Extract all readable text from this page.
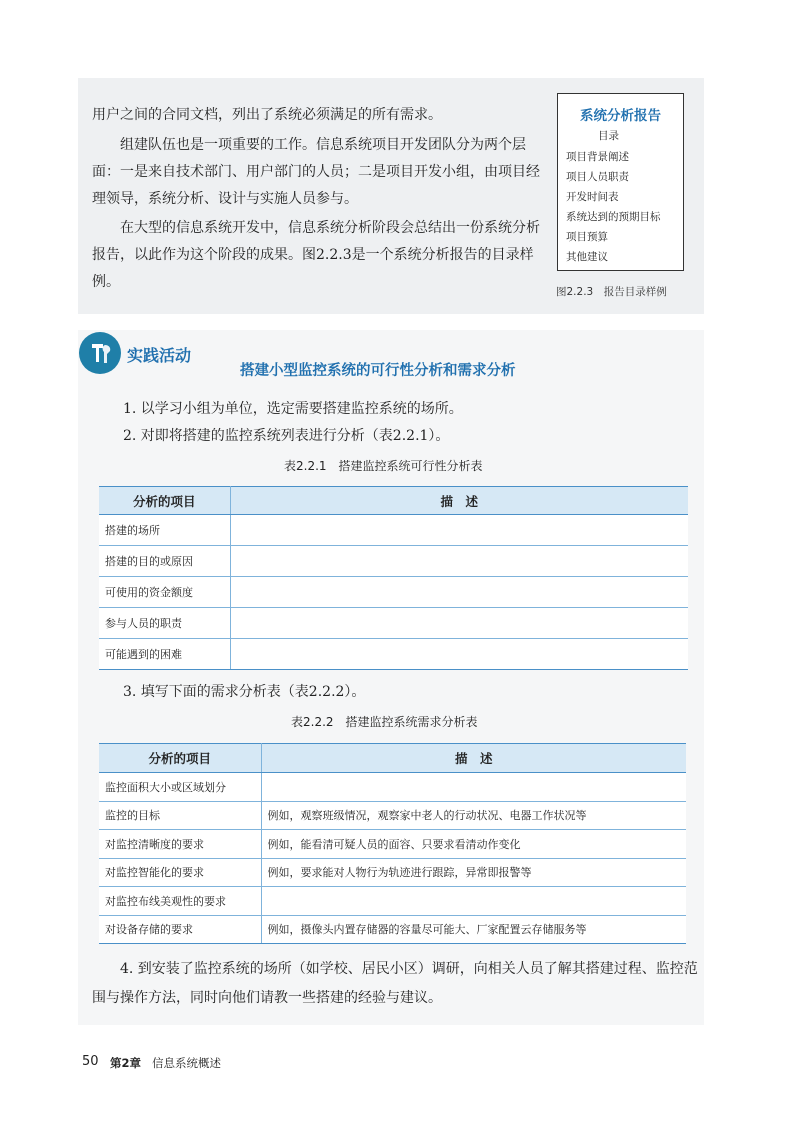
用户之间的合同文档，列出了系统必须满足的所有需求。

组建队伍也是一项重要的工作。信息系统项目开发团队分为两个层面：一是来自技术部门、用户部门的人员；二是项目开发小组，由项目经理领导，系统分析、设计与实施人员参与。

在大型的信息系统开发中，信息系统分析阶段会总结出一份系统分析报告，以此作为这个阶段的成果。图2.2.3是一个系统分析报告的目录样例。

系统分析报告
目录
项目背景阐述
项目人员职责
开发时间表
系统达到的预期目标
项目预算
其他建议
图2.2.3　报告目录样例
实践活动
搭建小型监控系统的可行性分析和需求分析
1. 以学习小组为单位，选定需要搭建监控系统的场所。
2. 对即将搭建的监控系统列表进行分析（表2.2.1）。
表2.2.1　搭建监控系统可行性分析表
分析的项目	描　述
搭建的场所	
搭建的目的或原因	
可使用的资金额度	
参与人员的职责	
可能遇到的困难	
3. 填写下面的需求分析表（表2.2.2）。
表2.2.2　搭建监控系统需求分析表
分析的项目	描　述
监控面积大小或区域划分	
监控的目标	例如，观察班级情况，观察家中老人的行动状况、电器工作状况等
对监控清晰度的要求	例如，能看清可疑人员的面容、只要求看清动作变化
对监控智能化的要求	例如，要求能对人物行为轨迹进行跟踪，异常即报警等
对监控布线美观性的要求	
对设备存储的要求	例如，摄像头内置存储器的容量尽可能大、厂家配置云存储服务等

4. 到安装了监控系统的场所（如学校、居民小区）调研，向相关人员了解其搭建过程、监控范围与操作方法，同时向他们请教一些搭建的经验与建议。

50 第2章 信息系统概述
